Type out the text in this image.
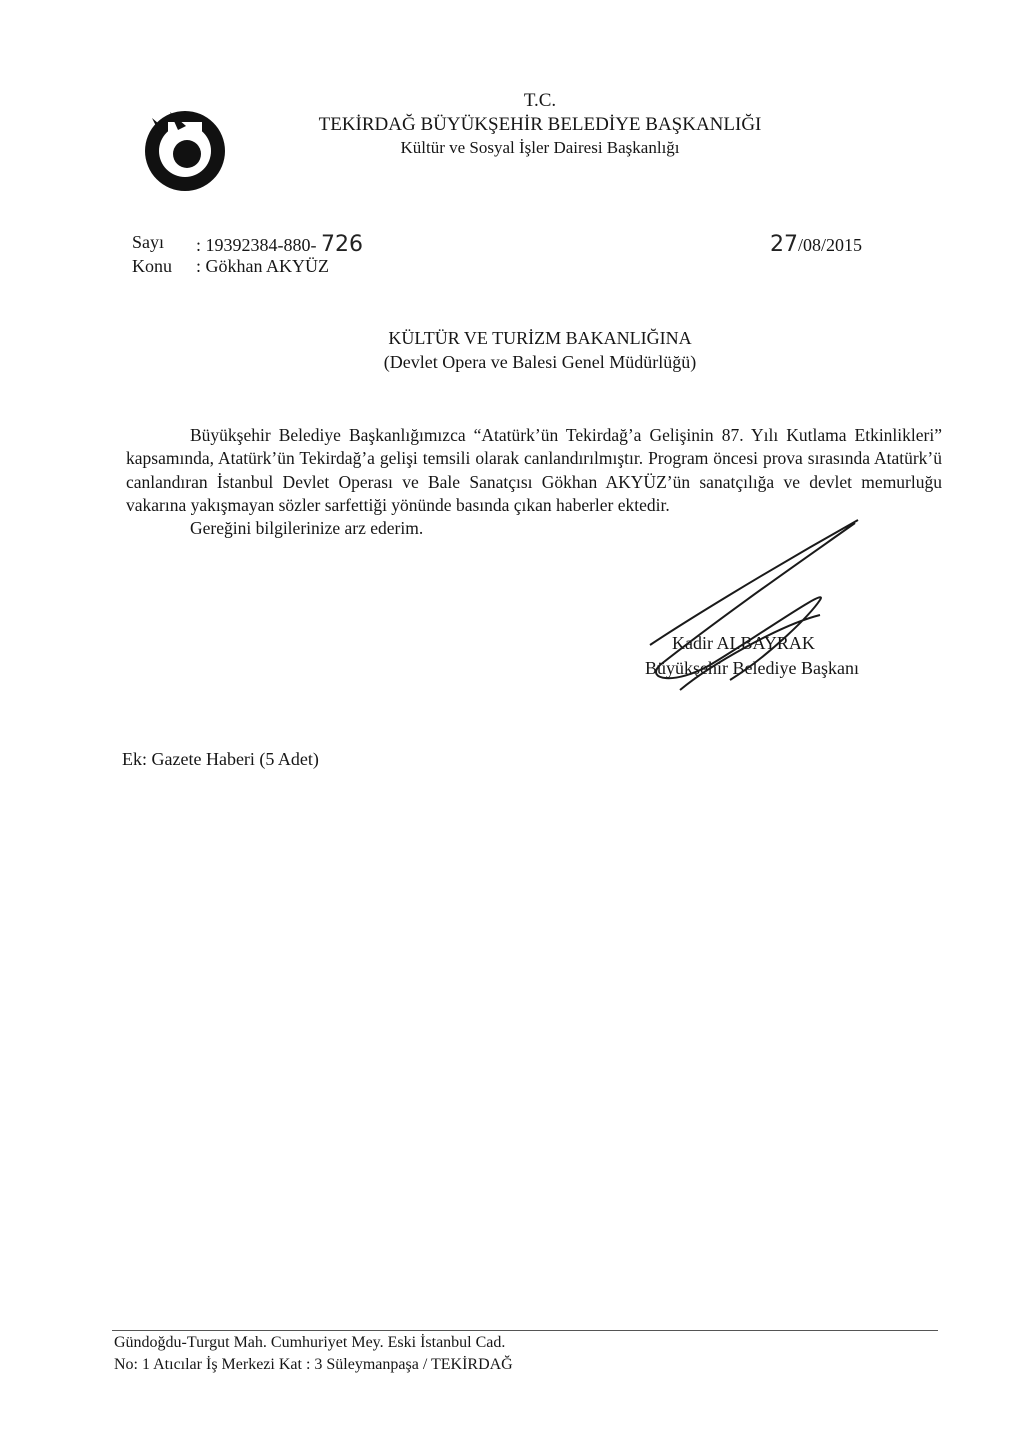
T.C.
TEKİRDAĞ BÜYÜKŞEHİR BELEDİYE BAŞKANLIĞI
Kültür ve Sosyal İşler Dairesi Başkanlığı
Sayı : 19392384-880- 726
Konu : Gökhan AKYÜZ
27/08/2015
KÜLTÜR VE TURİZM BAKANLIĞINA
(Devlet Opera ve Balesi Genel Müdürlüğü)

Büyükşehir Belediye Başkanlığımızca “Atatürk’ün Tekirdağ’a Gelişinin 87. Yılı Kutlama Etkinlikleri” kapsamında, Atatürk’ün Tekirdağ’a gelişi temsili olarak canlandırılmıştır. Program öncesi prova sırasında Atatürk’ü canlandıran İstanbul Devlet Operası ve Bale Sanatçısı Gökhan AKYÜZ’ün sanatçılığa ve devlet memurluğu vakarına yakışmayan sözler sarfettiği yönünde basında çıkan haberler ektedir.

Gereğini bilgilerinize arz ederim.

Kadir ALBAYRAK
Büyükşehir Belediye Başkanı
Ek: Gazete Haberi (5 Adet)
Gündoğdu-Turgut Mah. Cumhuriyet Mey. Eski İstanbul Cad.
No: 1 Atıcılar İş Merkezi Kat : 3 Süleymanpaşa / TEKİRDAĞ
